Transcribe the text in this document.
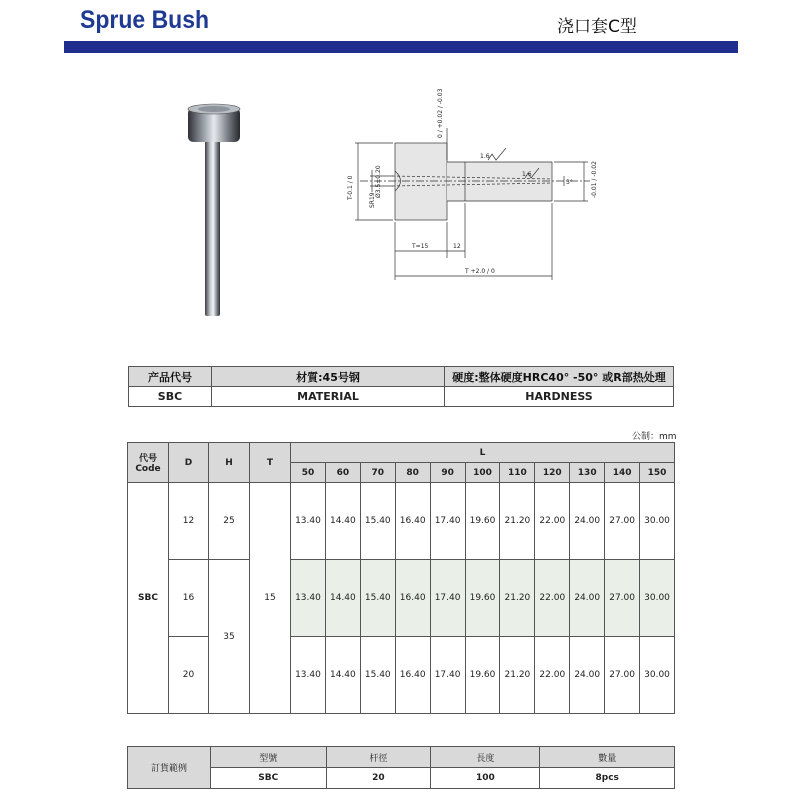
Sprue Bush	浇口套C型
0 / +0.02 / -0.03
1.6
1.6
SR19
Ø3.5±0.20
T-0.1 / 0
T=15	12
-0.01 / -0.02
3°
T +2.0 / 0
产品代号	材質:45号钢	硬度:整体硬度HRC40° -50° 或R部热处理
SBC	MATERIAL	HARDNESS
公制：mm
代号
Code	D	H	T	L										
				50	60	70	80	90	100	110	120	130	140	150
SBC	12	25	15	13.40	14.40	15.40	16.40	17.40	19.60	21.20	22.00	24.00	27.00	30.00
	16	35		13.40	14.40	15.40	16.40	17.40	19.60	21.20	22.00	24.00	27.00	30.00
	20			13.40	14.40	15.40	16.40	17.40	19.60	21.20	22.00	24.00	27.00	30.00
訂貨範例	型號	杆徑	長度	數量
	SBC	20	100	8pcs
